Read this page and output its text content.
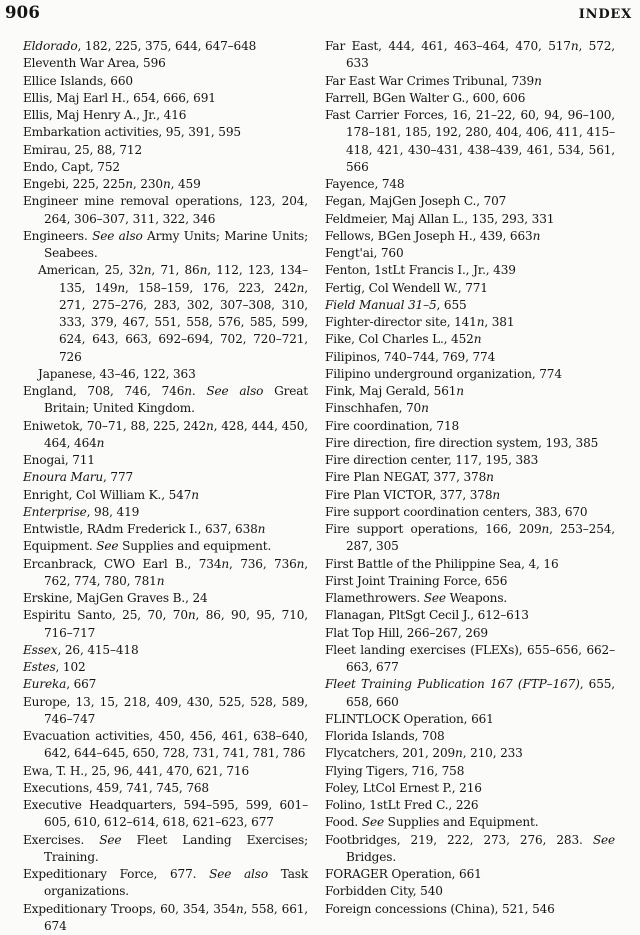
906	INDEX
Eldorado, 182, 225, 375, 644, 647–648
Eleventh War Area, 596
Ellice Islands, 660
Ellis, Maj Earl H., 654, 666, 691
Ellis, Maj Henry A., Jr., 416
Embarkation activities, 95, 391, 595
Emirau, 25, 88, 712
Endo, Capt, 752
Engebi, 225, 225n, 230n, 459
Engineer mine removal operations, 123, 204, 264, 306–307, 311, 322, 346
Engineers. See also Army Units; Marine Units; Seabees.
American, 25, 32n, 71, 86n, 112, 123, 134–135, 149n, 158–159, 176, 223, 242n, 271, 275–276, 283, 302, 307–308, 310, 333, 379, 467, 551, 558, 576, 585, 599, 624, 643, 663, 692–694, 702, 720–721, 726
Japanese, 43–46, 122, 363
England, 708, 746, 746n. See also Great Britain; United Kingdom.
Eniwetok, 70–71, 88, 225, 242n, 428, 444, 450, 464, 464n
Enogai, 711
Enoura Maru, 777
Enright, Col William K., 547n
Enterprise, 98, 419
Entwistle, RAdm Frederick I., 637, 638n
Equipment. See Supplies and equipment.
Ercanbrack, CWO Earl B., 734n, 736, 736n, 762, 774, 780, 781n
Erskine, MajGen Graves B., 24
Espiritu Santo, 25, 70, 70n, 86, 90, 95, 710, 716–717
Essex, 26, 415–418
Estes, 102
Eureka, 667
Europe, 13, 15, 218, 409, 430, 525, 528, 589, 746–747
Evacuation activities, 450, 456, 461, 638–640, 642, 644–645, 650, 728, 731, 741, 781, 786
Ewa, T. H., 25, 96, 441, 470, 621, 716
Executions, 459, 741, 745, 768
Executive Headquarters, 594–595, 599, 601–605, 610, 612–614, 618, 621–623, 677
Exercises. See Fleet Landing Exercises; Training.
Expeditionary Force, 677. See also Task organizations.
Expeditionary Troops, 60, 354, 354n, 558, 661, 674
Far East, 444, 461, 463–464, 470, 517n, 572, 633
Far East War Crimes Tribunal, 739n
Farrell, BGen Walter G., 600, 606
Fast Carrier Forces, 16, 21–22, 60, 94, 96–100, 178–181, 185, 192, 280, 404, 406, 411, 415–418, 421, 430–431, 438–439, 461, 534, 561, 566
Fayence, 748
Fegan, MajGen Joseph C., 707
Feldmeier, Maj Allan L., 135, 293, 331
Fellows, BGen Joseph H., 439, 663n
Fengt'ai, 760
Fenton, 1stLt Francis I., Jr., 439
Fertig, Col Wendell W., 771
Field Manual 31–5, 655
Fighter-director site, 141n, 381
Fike, Col Charles L., 452n
Filipinos, 740–744, 769, 774
Filipino underground organization, 774
Fink, Maj Gerald, 561n
Finschhafen, 70n
Fire coordination, 718
Fire direction, fire direction system, 193, 385
Fire direction center, 117, 195, 383
Fire Plan NEGAT, 377, 378n
Fire Plan VICTOR, 377, 378n
Fire support coordination centers, 383, 670
Fire support operations, 166, 209n, 253–254, 287, 305
First Battle of the Philippine Sea, 4, 16
First Joint Training Force, 656
Flamethrowers. See Weapons.
Flanagan, PltSgt Cecil J., 612–613
Flat Top Hill, 266–267, 269
Fleet landing exercises (FLEXs), 655–656, 662–663, 677
Fleet Training Publication 167 (FTP–167), 655, 658, 660
FLINTLOCK Operation, 661
Florida Islands, 708
Flycatchers, 201, 209n, 210, 233
Flying Tigers, 716, 758
Foley, LtCol Ernest P., 216
Folino, 1stLt Fred C., 226
Food. See Supplies and Equipment.
Footbridges, 219, 222, 273, 276, 283. See Bridges.
FORAGER Operation, 661
Forbidden City, 540
Foreign concessions (China), 521, 546
